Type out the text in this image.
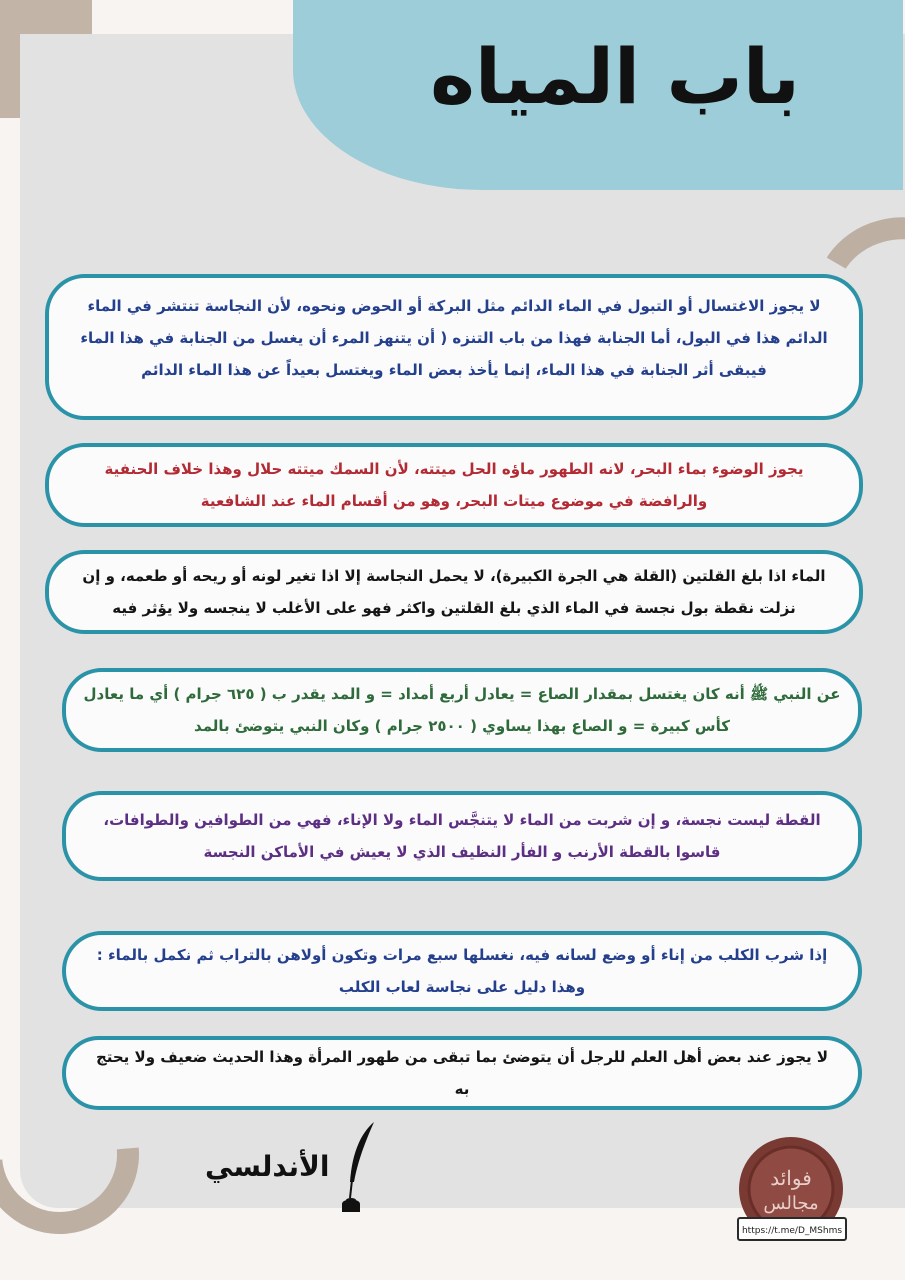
باب المياه

لا يجوز الاغتسال أو التبول في الماء الدائم مثل البركة أو الحوض ونحوه، لأن النجاسة تنتشر في الماء الدائم هذا في البول، أما الجنابة فهذا من باب التنزه ( أن يتنهز المرء أن يغسل من الجنابة في هذا الماء فيبقى أثر الجنابة في هذا الماء، إنما يأخذ بعض الماء ويغتسل بعيداً عن هذا الماء الدائم

يجوز الوضوء بماء البحر، لانه الطهور ماؤه الحل ميتته، لأن السمك ميتته حلال وهذا خلاف الحنفية والرافضة في موضوع ميتات البحر، وهو من أقسام الماء عند الشافعية

الماء اذا بلغ القلتين (القلة هي الجرة الكبيرة)، لا يحمل النجاسة إلا اذا تغير لونه أو ريحه أو طعمه، و إن نزلت نقطة بول نجسة في الماء الذي بلغ القلتين واكثر فهو على الأغلب لا ينجسه ولا يؤثر فيه

عن النبي ﷺ أنه كان يغتسل بمقدار الصاع = يعادل أربع أمداد = و المد يقدر ب ( ٦٢٥ جرام ) أي ما يعادل كأس كبيرة = و الصاع بهذا يساوي ( ٢٥٠٠ جرام ) وكان النبي يتوضئ بالمد

القطة ليست نجسة، و إن شربت من الماء لا يتنجَّس الماء ولا الإناء، فهي من الطوافين والطوافات، قاسوا بالقطة الأرنب و الفأر النظيف الذي لا يعيش في الأماكن النجسة

إذا شرب الكلب من إناء أو وضع لسانه فيه، نغسلها سبع مرات وتكون أولاهن بالتراب ثم نكمل بالماء : وهذا دليل على نجاسة لعاب الكلب

لا يجوز عند بعض أهل العلم للرجل أن يتوضئ بما تبقى من طهور المرأة وهذا الحديث ضعيف ولا يحتج به

الأندلسي	فوائد
مجالس
https://t.me/D_MShms
